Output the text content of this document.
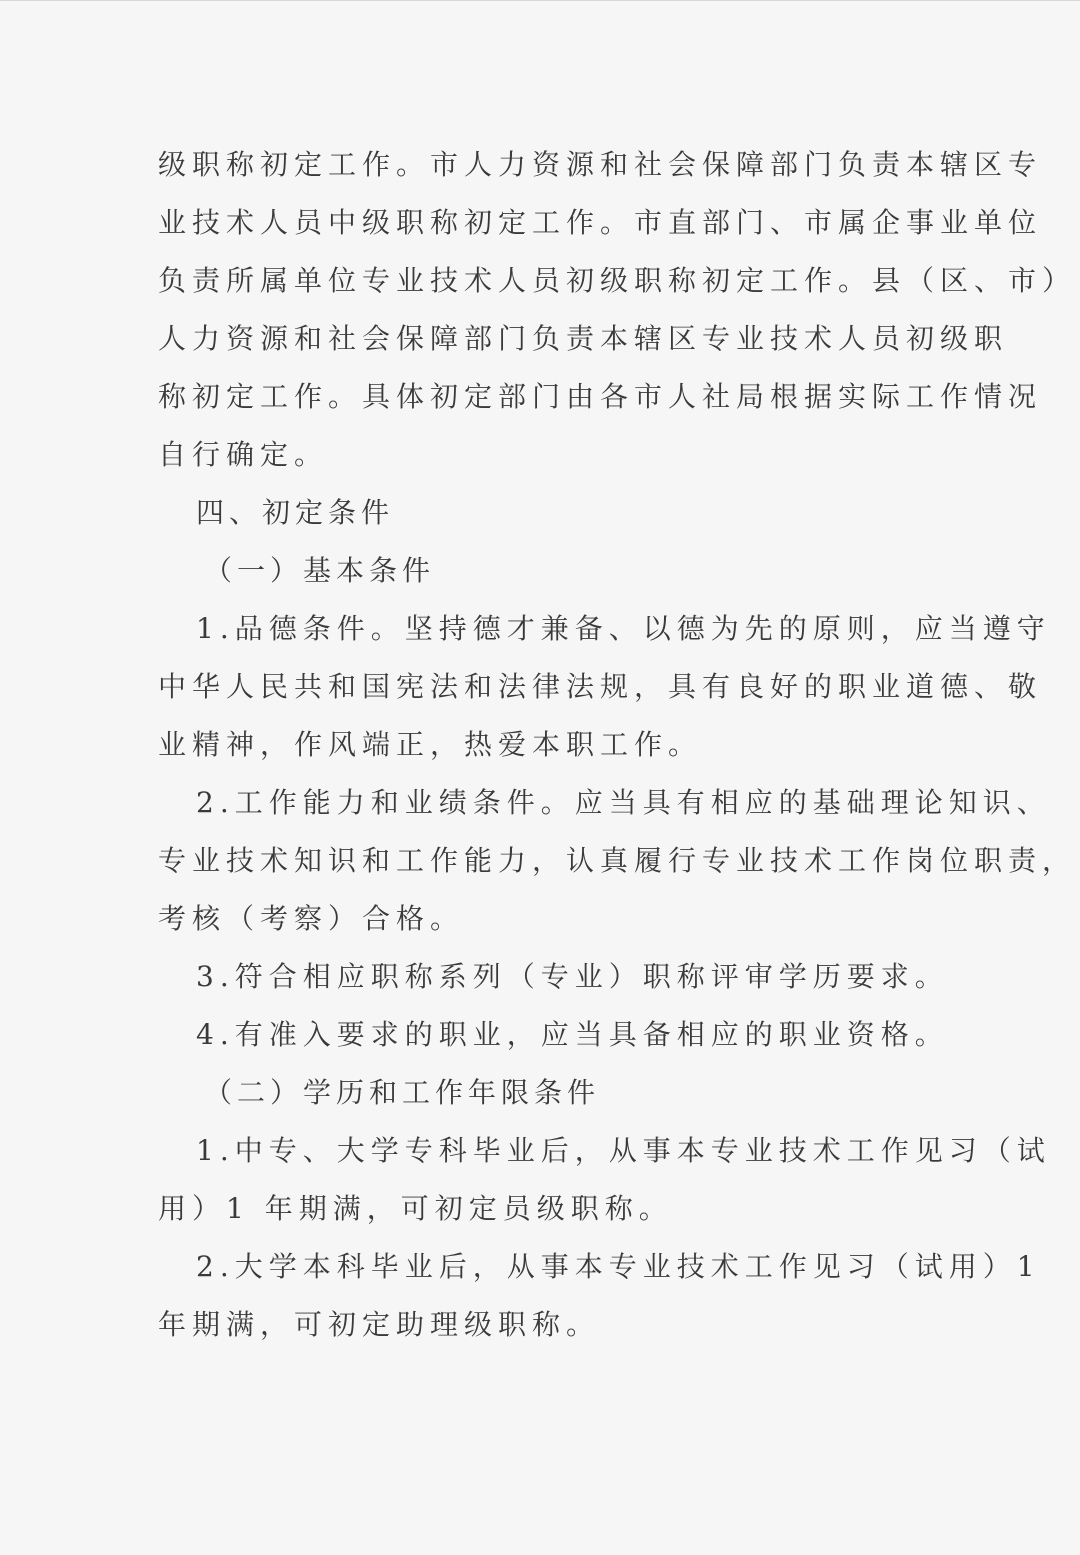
级职称初定工作。市人力资源和社会保障部门负责本辖区专
业技术人员中级职称初定工作。市直部门、市属企事业单位
负责所属单位专业技术人员初级职称初定工作。县（区、市）
人力资源和社会保障部门负责本辖区专业技术人员初级职
称初定工作。具体初定部门由各市人社局根据实际工作情况
自行确定。
四、初定条件
（一）基本条件
1.品德条件。坚持德才兼备、以德为先的原则，应当遵守
中华人民共和国宪法和法律法规，具有良好的职业道德、敬
业精神，作风端正，热爱本职工作。
2.工作能力和业绩条件。应当具有相应的基础理论知识、
专业技术知识和工作能力，认真履行专业技术工作岗位职责，
考核（考察）合格。
3.符合相应职称系列（专业）职称评审学历要求。
4.有准入要求的职业，应当具备相应的职业资格。
（二）学历和工作年限条件
1.中专、大学专科毕业后，从事本专业技术工作见习（试
用）1 年期满，可初定员级职称。
2.大学本科毕业后，从事本专业技术工作见习（试用）1
年期满，可初定助理级职称。
